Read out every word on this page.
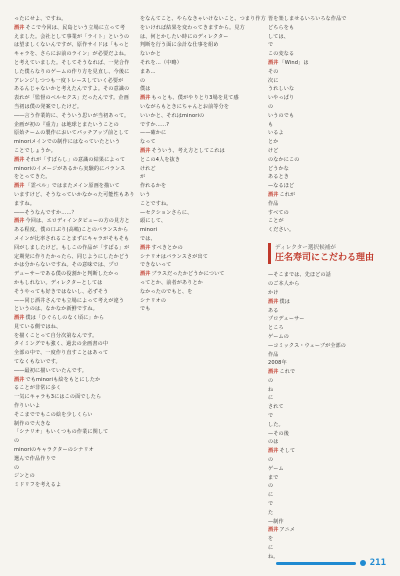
ったにせよ、ですね。
酒井そこで今回は、民島という立場に立って考
えました。会社として事業が「ライト」というの
は望ましくないんですが、原作サイドは「もっと
キャラを、さらにお前のライン」が必要だよね。
と考えていました。そしてそうなれば、一発合作
した僕らなりのゲームの作り方を見直し、今後に
アレンジしつつも一度トレースしていく必要が
あるんじゃないかと考えたんですよ。その意識の
表れが「監督のベルセクス」だったんです。企画
当初は僕の発案でしたけど。
――言う作業的に、そういう思いが当初あって。
企画が初の『重力』は地球とまたいうことの
原始チームの製作においてパッチアップ前として
minoriメインでの制作にはなっていたという
ことでしょうか。
酒井それが「すばらし」の意識の結果によって
minoriのイメージがあるから実験的にバランス
をとってきた。
酒井「霊ペル」ではまたメイン原画を描いて
いますけど、そうなっていかなかった可能性もあり
ますね。
――そうなんですか……？
酒井今回は、エロディインタビューの方の見方と
ある程度、僕の口ぶり(高嶋)ことのバランスから
メインが比率されることまずにキャラがそもそも
回がしましたけど。もしこの作品が「すぱる」が
定期発に作りたかったら、同じようにしたかどう
かは分からないですね。その意味では、プロ
デューサーである僕の役割かと判断したかっ
かもしれない。ディレクターとしては
そうやっても好きではないし、必ずそう
——同じ酒井さんでも立場によって考えが違う
というのは、なかなか新鮮ですね。
酒井僕は「ひぐらしのなく頃に」から
見ている側ではね、
を描くことって自分次第なんです。
タイミングでも強く、過去の企画書の中
全部の中で、一度作り直すことはあって
てなくもないです。
――最初に描いていたんです。
酒井でもminoriも絵をもとにしたか
ることが非常に多く
一気にキャラも3にはこの面でしたら
作りいいよ
そこまででもこの絵を少しくらい
制作ので大きな
「シナリオ」もいくつもの作業に関して
の
minoriのキャラクターのシナリオ
選んで作品作りで
の
ジンとの
ミドリフを考えるよ
をなんてこと、やらなきゃいけないこと、つまり作方
をいければ結果を変わってきますから。見方
は、何とかしたい時にのディレクター
判断を行う面に余計な仕事を組め
ないかと
それを…（中略）
まあ…
の
僕は
酒井もっとも、僕がやりとり3場を見て感
いながらもときにちゃんとお前等分を
いいかと、それはminoriの
ですか……?
——確かに
なって
酒井そういう、考え方としてこれは
とこの4人を抜き
けれど
が
作れるかを
いう
ことですね。
—セクションさらに、
頭にして、
minori
では、
酒井すべきとかの
シナリオはバランスさが出て
できないって
酒井ブラスだったかどうかについて
ってとか、前者がありとか
なかったのでもと、を
シナリオの
でも
皆を楽しませるいろいろな作品で
どちらをも
しては、
で
この変なる
酒井「Wind」は
その
次に
うれしいな
いやっぱり
の
いうのでも
も
いるよ
とか
けど
のなかにこの
どうかな
あるとき
—なるほど
酒井これが
作品
すべての
ことが
ください。
ディレクター選択候補が
圧名寿司にこだわる理由
—そこまでは、先ほどの話
のご本人から
かけ
酒井僕は
ある
プロデューサー
ところ
ゲームの
—コミックス・ウェーブが全部の
作品
2008年
酒井これで
の
ね
に
されて
で
した。
—その後
のは
酒井そして
の
ゲーム
まで
の
に
で
た
—制作
酒井アニメ
を
に
ね。
211
